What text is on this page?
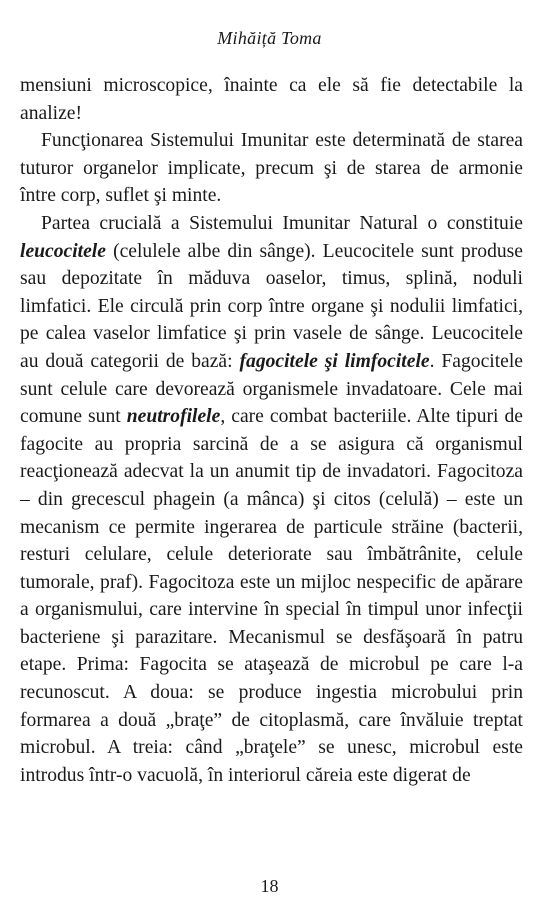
Mihăiță Toma

mensiuni microscopice, înainte ca ele să fie detectabile la analize!

Funcţionarea Sistemului Imunitar este determinată de starea tuturor organelor implicate, precum şi de starea de armonie între corp, suflet şi minte.

Partea crucială a Sistemului Imunitar Natural o constituie leucocitele (celulele albe din sânge). Leucocitele sunt produse sau depozitate în măduva oaselor, timus, splină, noduli limfatici. Ele circulă prin corp între organe şi nodulii limfatici, pe calea vaselor limfatice şi prin vasele de sânge. Leucocitele au două categorii de bază: fagocitele şi limfocitele. Fagocitele sunt celule care devorează organismele invadatoare. Cele mai comune sunt neutrofilele, care combat bacteriile. Alte tipuri de fagocite au propria sarcină de a se asigura că organismul reacţionează adecvat la un anumit tip de invadatori. Fagocitoza – din grecescul phagein (a mânca) şi citos (celulă) – este un mecanism ce permite ingerarea de particule străine (bacterii, resturi celulare, celule deteriorate sau îmbătrânite, celule tumorale, praf). Fagocitoza este un mijloc nespecific de apărare a organismului, care intervine în special în timpul unor infecţii bacteriene şi parazitare. Mecanismul se desfăşoară în patru etape. Prima: Fagocita se ataşează de microbul pe care l-a recunoscut. A doua: se produce ingestia microbului prin formarea a două „braţe” de citoplasmă, care învăluie treptat microbul. A treia: când „braţele” se unesc, microbul este introdus într-o vacuolă, în interiorul căreia este digerat de

18
